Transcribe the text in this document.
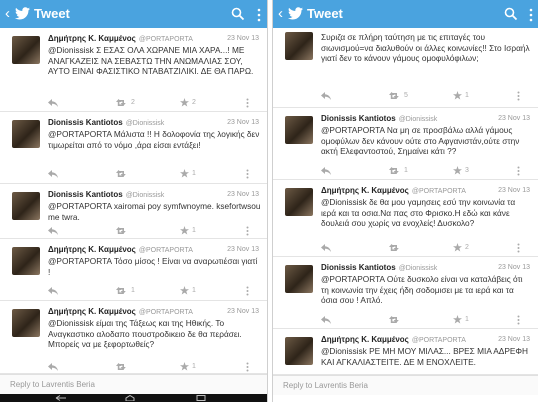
‹ Tweet
Δημήτρης Κ. Καμμένος @PORTAPORTA	23 Nov 13
@Dionissisk Σ ΕΣΑΣ ΟΛΑ ΧΩΡΑΝΕ ΜΙΑ ΧΑΡΑ...! ΜΕ ΑΝΑΓΚΑΖΕΙΣ ΝΑ ΣΕΒΑΣΤΩ ΤΗΝ ΑΝΩΜΑΛΙΑΣ ΣΟΥ, ΑΥΤΟ ΕΙΝΑΙ ΦΑΣΙΣΤΙΚΟ ΝΤΑΒΑΤΖΙΛΙΚΙ. ΔΕ ΘΑ ΠΑΡΩ.
2	2
Dionissis Kantiotos @Dionissisk	23 Nov 13
@PORTAPORTA Μάλιστα !! Η δολοφονία της λογικής δεν τιμωρείται από το νόμο ,άρα είσαι εντάξει!
1
Dionissis Kantiotos @Dionissisk	23 Nov 13
@PORTAPORTA xairomai poy symfwnoyme. ksefortwsou me twra.
1
Δημήτρης Κ. Καμμένος @PORTAPORTA	23 Nov 13
@PORTAPORTA Τόσο μίσος ! Είναι να αναρωτιέσαι γιατί !
1	1
Δημήτρης Κ. Καμμένος @PORTAPORTA	23 Nov 13
@Dionissisk είμαι της Τάξεως και της Ηθικής. Το Αναγκαστικο αλοδαπο πουστροδικειο δε θα περάσει. Μπορείς να με ξεφορτωθείς?
1
Reply to Lavrentis Beria
‹ Tweet
Συριζα σε πλήρη ταύτηση με τις επιταγές του σιωνισμού=να διαλυθούν οι άλλες κοινωνίες!! Στο Ισραήλ γιατί δεν το κάνουν γάμους ομοφυλόφιλων;
5	1
Dionissis Kantiotos @Dionissisk	23 Nov 13
@PORTAPORTA Να μη σε προσβάλω αλλά γάμους ομοφύλων δεν κάνουν ούτε στο Αφγανιστάν,ούτε στην ακτή Ελεφαντοστού, Σημαίνει κάτι ??
1	3
Δημήτρης Κ. Καμμένος @PORTAPORTA	23 Nov 13
@Dionissisk δε θα μου γαμησεις εσύ την κοινωνία τα ιερά και τα οσια.Να πας στο Φρισκο.Η εδώ και κάνε δουλειά σου χωρίς να ενοχλείς! Δυσκολο?
2
Dionissis Kantiotos @Dionissisk	23 Nov 13
@PORTAPORTA Ούτε δυσκολο είναι να καταλάβεις ότι τη κοινωνία την έχεις ήδη σοδομισει με τα ιερά και τα όσια σου ! Απλό.
1
Δημήτρης Κ. Καμμένος @PORTAPORTA	23 Nov 13
@Dionissisk ΡΕ ΜΗ ΜΟΥ ΜΙΛΑΣ... ΒΡΕΣ ΜΙΑ ΑΔΡΕΦΗ ΚΑΙ ΑΓΚΑΛΙΑΣΤΕΙΤΕ. ΔΕ Μ ΕΝΟΧΛΕΙΤΕ.
Reply to Lavrentis Beria
